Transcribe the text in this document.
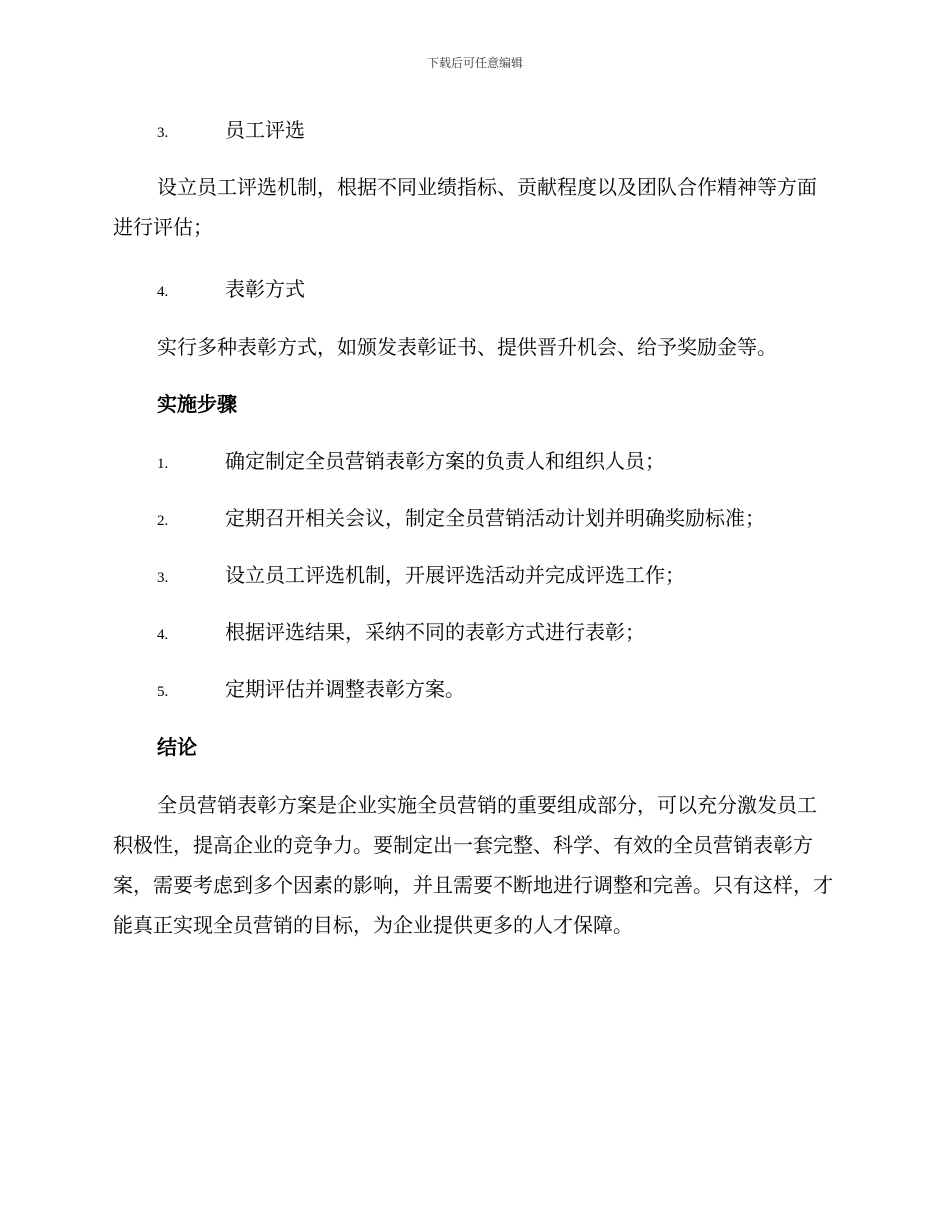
下载后可任意编辑
3.	员工评选
设立员工评选机制，根据不同业绩指标、贡献程度以及团队合作精神等方面进行评估；
4.	表彰方式
实行多种表彰方式，如颁发表彰证书、提供晋升机会、给予奖励金等。
实施步骤
1.	确定制定全员营销表彰方案的负责人和组织人员；
2.	定期召开相关会议，制定全员营销活动计划并明确奖励标准；
3.	设立员工评选机制，开展评选活动并完成评选工作；
4.	根据评选结果，采纳不同的表彰方式进行表彰；
5.	定期评估并调整表彰方案。
结论
全员营销表彰方案是企业实施全员营销的重要组成部分，可以充分激发员工积极性，提高企业的竞争力。要制定出一套完整、科学、有效的全员营销表彰方案，需要考虑到多个因素的影响，并且需要不断地进行调整和完善。只有这样，才能真正实现全员营销的目标，为企业提供更多的人才保障。
